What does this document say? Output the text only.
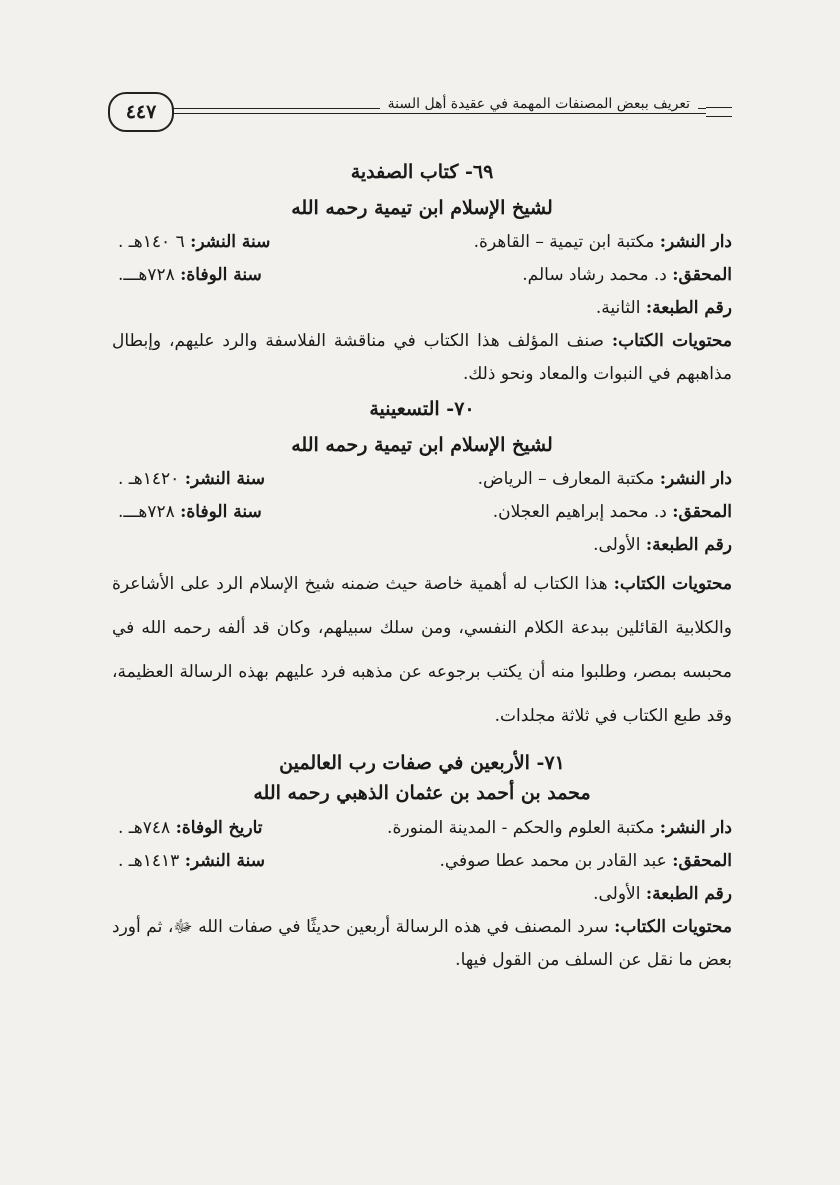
تعريف ببعض المصنفات المهمة في عقيدة أهل السنة
٤٤٧
٦٩- كتاب الصفدية
لشيخ الإسلام ابن تيمية رحمه الله
دار النشر: مكتبة ابن تيمية – القاهرة.
سنة النشر: ٦ ١٤٠هـ .
المحقق: د. محمد رشاد سالم.
سنة الوفاة: ٧٢٨هـــ.
رقم الطبعة: الثانية.
محتويات الكتاب: صنف المؤلف هذا الكتاب في مناقشة الفلاسفة والرد عليهم، وإبطال مذاهبهم في النبوات والمعاد ونحو ذلك.
٧٠- التسعينية
لشيخ الإسلام ابن تيمية رحمه الله
دار النشر: مكتبة المعارف – الرياض.
سنة النشر: ١٤٢٠هـ .
المحقق: د. محمد إبراهيم العجلان.
سنة الوفاة: ٧٢٨هـــ.
رقم الطبعة: الأولى.
محتويات الكتاب: هذا الكتاب له أهمية خاصة حيث ضمنه شيخ الإسلام الرد على الأشاعرة والكلابية القائلين ببدعة الكلام النفسي، ومن سلك سبيلهم، وكان قد ألفه رحمه الله في محبسه بمصر، وطلبوا منه أن يكتب برجوعه عن مذهبه فرد عليهم بهذه الرسالة العظيمة، وقد طبع الكتاب في ثلاثة مجلدات.
٧١- الأربعين في صفات رب العالمين
محمد بن أحمد بن عثمان الذهبي رحمه الله
دار النشر: مكتبة العلوم والحكم - المدينة المنورة.
تاريخ الوفاة: ٧٤٨هـ .
المحقق: عبد القادر بن محمد عطا صوفي.
سنة النشر: ١٤١٣هـ .
رقم الطبعة: الأولى.
محتويات الكتاب: سرد المصنف في هذه الرسالة أربعين حديثًا في صفات الله ﷻ، ثم أورد بعض ما نقل عن السلف من القول فيها.
